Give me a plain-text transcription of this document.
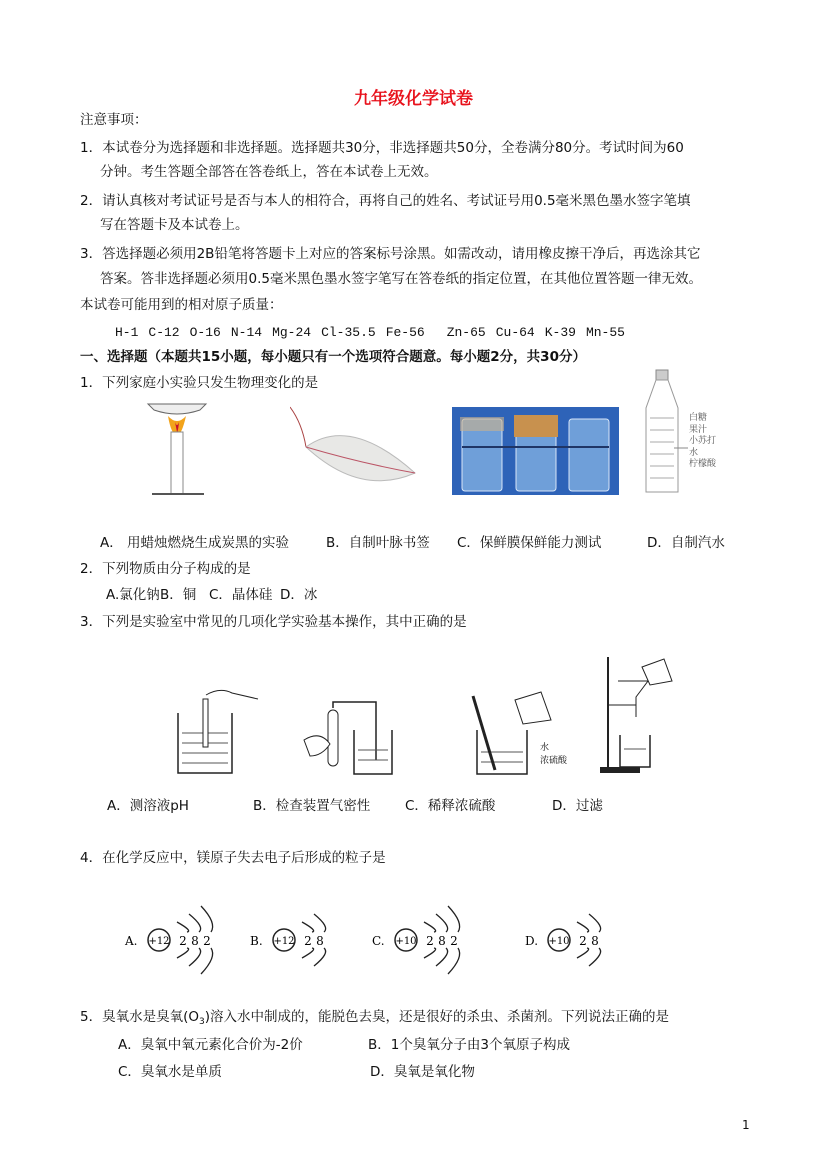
九年级化学试卷
注意事项：
1．本试卷分为选择题和非选择题。选择题共30分，非选择题共50分，全卷满分80分。考试时间为60
分钟。考生答题全部答在答卷纸上，答在本试卷上无效。
2．请认真核对考试证号是否与本人的相符合，再将自己的姓名、考试证号用0.5毫米黑色墨水签字笔填
写在答题卡及本试卷上。
3．答选择题必须用2B铅笔将答题卡上对应的答案标号涂黑。如需改动，请用橡皮擦干净后，再选涂其它
答案。答非选择题必须用0.5毫米黑色墨水签字笔写在答卷纸的指定位置，在其他位置答题一律无效。
本试卷可能用到的相对原子质量：
H-1 C-12 O-16 N-14 Mg-24 Cl-35.5 Fe-56 Zn-65 Cu-64 K-39 Mn-55
一、选择题（本题共15小题，每小题只有一个选项符合题意。每小题2分，共30分）
1．下列家庭小实验只发生物理变化的是
白糖
果汁
小苏打
水
柠檬酸
A． 用蜡烛燃烧生成炭黑的实验	B．自制叶脉书签 C．保鲜膜保鲜能力测试	D．自制汽水
2．下列物质由分子构成的是
A.氯化钠 B．铜 C．晶体硅 D．冰
3．下列是实验室中常见的几项化学实验基本操作，其中正确的是
水
浓硫酸
A．测溶液pH	B．检查装置气密性	C．稀释浓硫酸	D．过滤
4．在化学反应中，镁原子失去电子后形成的粒子是
A. +12 2 8 2	B. +12 2 8	C. +10 2 8 2	D. +10 2 8
5．臭氧水是臭氧$(O_3)$溶入水中制成的，能脱色去臭，还是很好的杀虫、杀菌剂。下列说法正确的是
A．臭氧中氧元素化合价为-2价	B．1个臭氧分子由3个氧原子构成
C．臭氧水是单质	D．臭氧是氧化物
1
